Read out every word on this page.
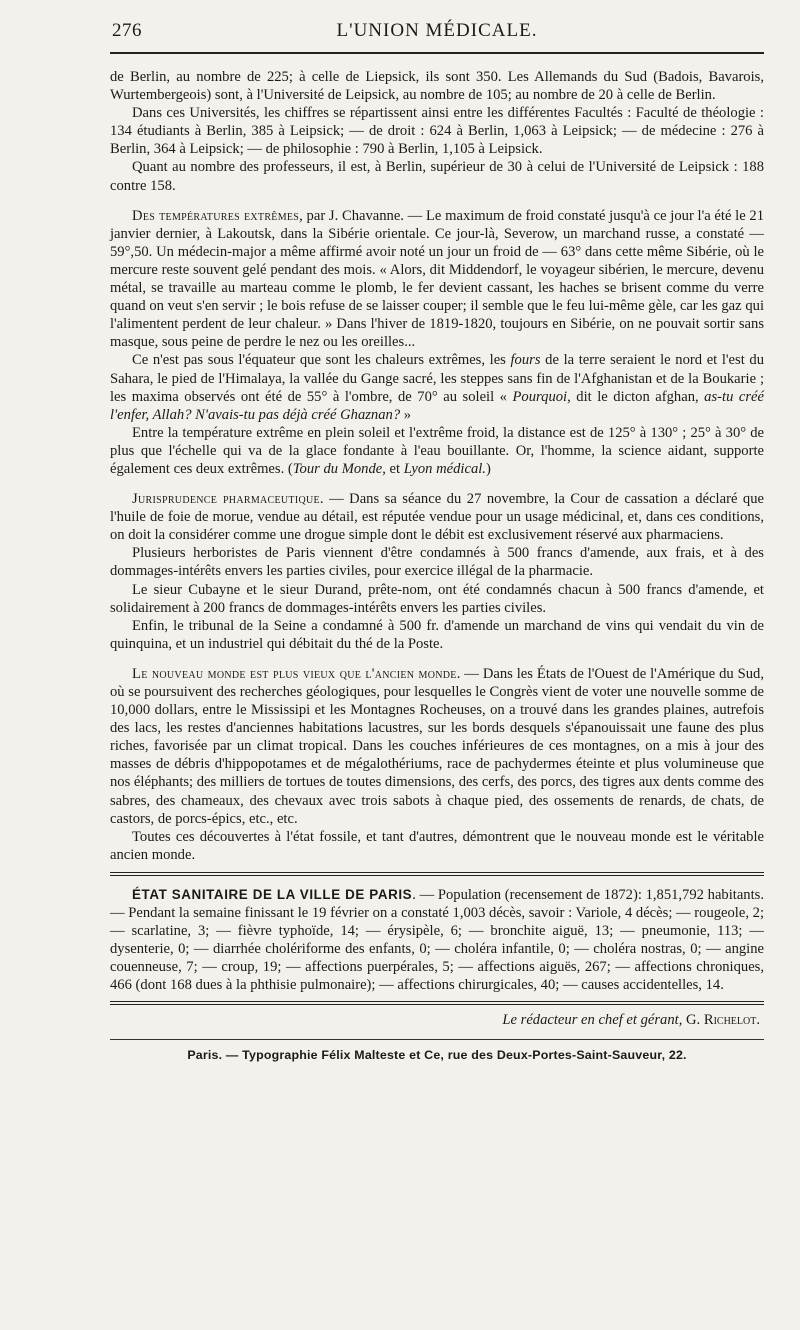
276	L'UNION MÉDICALE.

de Berlin, au nombre de 225; à celle de Liepsick, ils sont 350. Les Allemands du Sud (Badois, Bavarois, Wurtembergeois) sont, à l'Université de Leipsick, au nombre de 105; au nombre de 20 à celle de Berlin.

Dans ces Universités, les chiffres se répartissent ainsi entre les différentes Facultés : Faculté de théologie : 134 étudiants à Berlin, 385 à Leipsick; — de droit : 624 à Berlin, 1,063 à Leipsick; — de médecine : 276 à Berlin, 364 à Leipsick; — de philosophie : 790 à Berlin, 1,105 à Leipsick.

Quant au nombre des professeurs, il est, à Berlin, supérieur de 30 à celui de l'Université de Leipsick : 188 contre 158.

Des températures extrêmes, par J. Chavanne. — Le maximum de froid constaté jusqu'à ce jour l'a été le 21 janvier dernier, à Lakoutsk, dans la Sibérie orientale. Ce jour-là, Severow, un marchand russe, a constaté — 59°,50. Un médecin-major a même affirmé avoir noté un jour un froid de — 63° dans cette même Sibérie, où le mercure reste souvent gelé pendant des mois. « Alors, dit Middendorf, le voyageur sibérien, le mercure, devenu métal, se travaille au marteau comme le plomb, le fer devient cassant, les haches se brisent comme du verre quand on veut s'en servir ; le bois refuse de se laisser couper; il semble que le feu lui-même gèle, car les gaz qui l'alimentent perdent de leur chaleur. » Dans l'hiver de 1819-1820, toujours en Sibérie, on ne pouvait sortir sans masque, sous peine de perdre le nez ou les oreilles...

Ce n'est pas sous l'équateur que sont les chaleurs extrêmes, les fours de la terre seraient le nord et l'est du Sahara, le pied de l'Himalaya, la vallée du Gange sacré, les steppes sans fin de l'Afghanistan et de la Boukarie ; les maxima observés ont été de 55° à l'ombre, de 70° au soleil « Pourquoi, dit le dicton afghan, as-tu créé l'enfer, Allah? N'avais-tu pas déjà créé Ghaznan? »

Entre la température extrême en plein soleil et l'extrême froid, la distance est de 125° à 130° ; 25° à 30° de plus que l'échelle qui va de la glace fondante à l'eau bouillante. Or, l'homme, la science aidant, supporte également ces deux extrêmes. (Tour du Monde, et Lyon médical.)

Jurisprudence pharmaceutique. — Dans sa séance du 27 novembre, la Cour de cassation a déclaré que l'huile de foie de morue, vendue au détail, est réputée vendue pour un usage médicinal, et, dans ces conditions, on doit la considérer comme une drogue simple dont le débit est exclusivement réservé aux pharmaciens.

Plusieurs herboristes de Paris viennent d'être condamnés à 500 francs d'amende, aux frais, et à des dommages-intérêts envers les parties civiles, pour exercice illégal de la pharmacie.

Le sieur Cubayne et le sieur Durand, prête-nom, ont été condamnés chacun à 500 francs d'amende, et solidairement à 200 francs de dommages-intérêts envers les parties civiles.

Enfin, le tribunal de la Seine a condamné à 500 fr. d'amende un marchand de vins qui vendait du vin de quinquina, et un industriel qui débitait du thé de la Poste.

Le nouveau monde est plus vieux que l'ancien monde. — Dans les États de l'Ouest de l'Amérique du Sud, où se poursuivent des recherches géologiques, pour lesquelles le Congrès vient de voter une nouvelle somme de 10,000 dollars, entre le Mississipi et les Montagnes Rocheuses, on a trouvé dans les grandes plaines, autrefois des lacs, les restes d'anciennes habitations lacustres, sur les bords desquels s'épanouissait une faune des plus riches, favorisée par un climat tropical. Dans les couches inférieures de ces montagnes, on a mis à jour des masses de débris d'hippopotames et de mégalothériums, race de pachydermes éteinte et plus volumineuse que nos éléphants; des milliers de tortues de toutes dimensions, des cerfs, des porcs, des tigres aux dents comme des sabres, des chameaux, des chevaux avec trois sabots à chaque pied, des ossements de renards, de chats, de castors, de porcs-épics, etc., etc.

Toutes ces découvertes à l'état fossile, et tant d'autres, démontrent que le nouveau monde est le véritable ancien monde.

ÉTAT SANITAIRE DE LA VILLE DE PARIS. — Population (recensement de 1872): 1,851,792 habitants. — Pendant la semaine finissant le 19 février on a constaté 1,003 décès, savoir : Variole, 4 décès; — rougeole, 2; — scarlatine, 3; — fièvre typhoïde, 14; — érysipèle, 6; — bronchite aiguë, 13; — pneumonie, 113; — dysenterie, 0; — diarrhée cholériforme des enfants, 0; — choléra infantile, 0; — choléra nostras, 0; — angine couenneuse, 7; — croup, 19; — affections puerpérales, 5; — affections aiguës, 267; — affections chroniques, 466 (dont 168 dues à la phthisie pulmonaire); — affections chirurgicales, 40; — causes accidentelles, 14.

Le rédacteur en chef et gérant, G. Richelot.
Paris. — Typographie Félix Malteste et Ce, rue des Deux-Portes-Saint-Sauveur, 22.
